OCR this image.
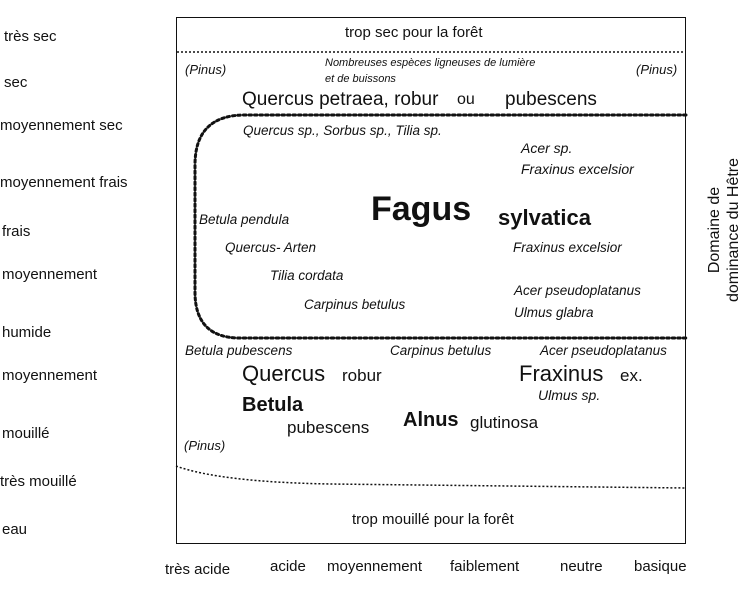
très sec
sec
moyennement sec
moyennement frais
frais
moyennement
humide
moyennement
mouillé
très mouillé
eau
très acide	acide moyennement faiblement	neutre basique
trop sec pour la forêt
trop mouillé pour la forêt
(Pinus)	(Pinus)
Nombreuses espèces ligneuses de lumière
et de buissons
Quercus petraea, robur ou pubescens
Quercus sp., Sorbus sp., Tilia sp.
Acer sp.
Fraxinus excelsior
Fagus sylvatica
Betula pendula
Quercus- Arten	Fraxinus excelsior
Tilia cordata
Carpinus betulus
Acer pseudoplatanus
Ulmus glabra
Betula pubescens	Carpinus betulus	Acer pseudoplatanus
Quercus robur	Fraxinus ex.
Ulmus sp.
Betula
pubescens Alnus glutinosa
(Pinus)
Domaine de dominance du Hêtre
